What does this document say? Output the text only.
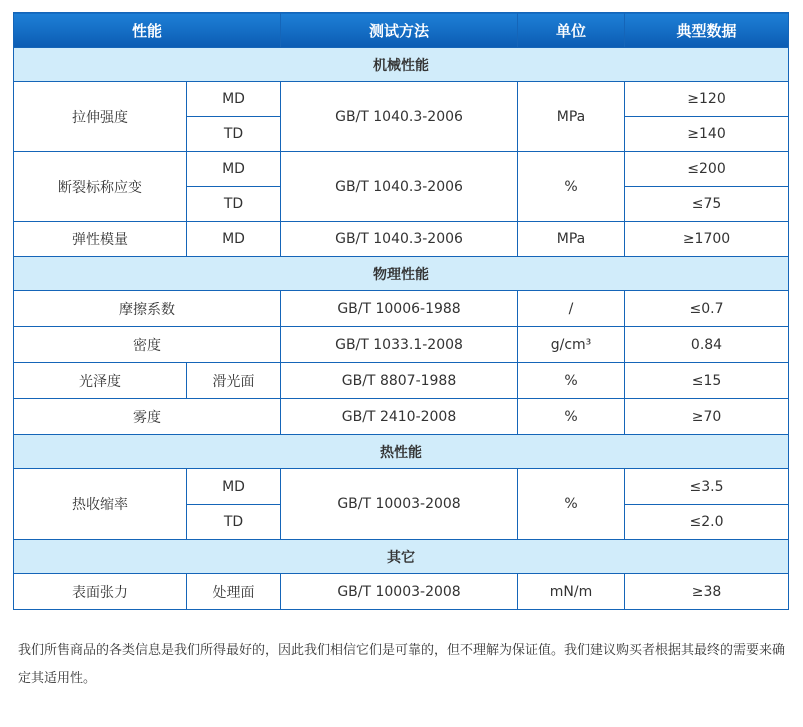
性能		测试方法	单位	典型数据
机械性能				
拉伸强度	MD	GB/T 1040.3-2006	MPa	≥120
	TD			≥140
断裂标称应变	MD	GB/T 1040.3-2006	%	≤200
	TD			≤75
弹性模量	MD	GB/T 1040.3-2006	MPa	≥1700
物理性能				
摩擦系数		GB/T 10006-1988	/	≤0.7
密度		GB/T 1033.1-2008	g/cm³	0.84
光泽度	滑光面	GB/T 8807-1988	%	≤15
雾度		GB/T 2410-2008	%	≥70
热性能				
热收缩率	MD	GB/T 10003-2008	%	≤3.5
	TD			≤2.0
其它				
表面张力	处理面	GB/T 10003-2008	mN/m	≥38

我们所售商品的各类信息是我们所得最好的，因此我们相信它们是可靠的，但不理解为保证值。我们建议购买者根据其最终的需要来确定其适用性。
